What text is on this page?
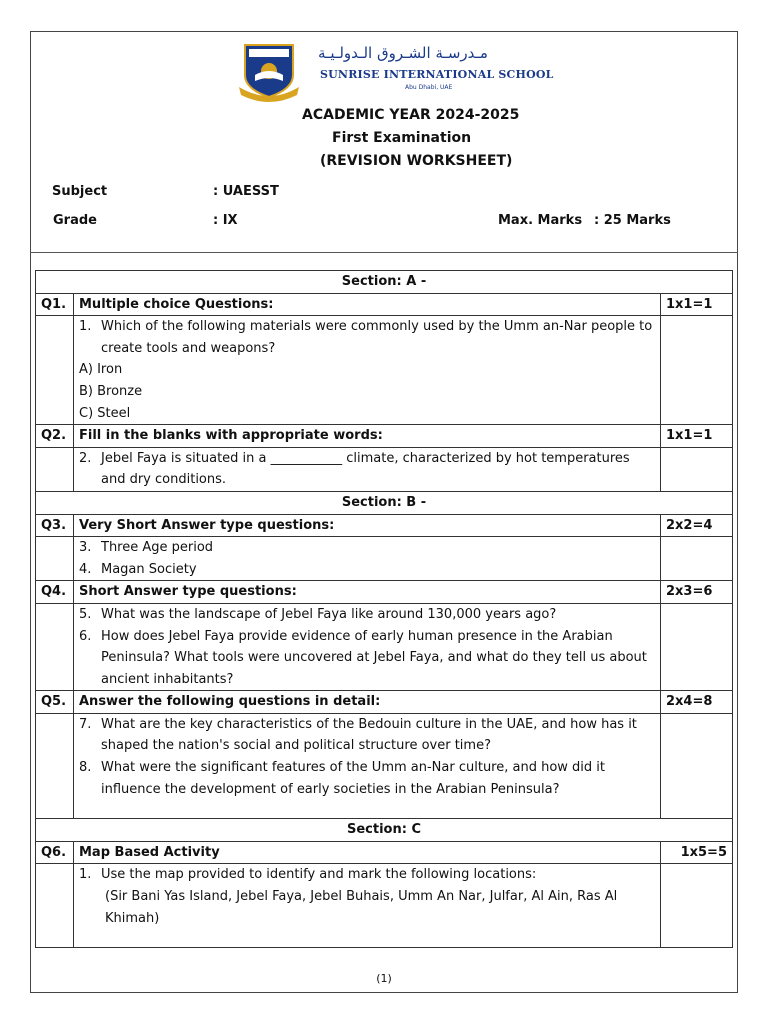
مـدرسـة الشـروق الـدولـيـة
SUNRISE INTERNATIONAL SCHOOL
Abu Dhabi, UAE
ACADEMIC YEAR 2024-2025
First Examination
(REVISION WORKSHEET)
Subject	: UAESST
Grade	: IX	Max. Marks : 25 Marks
Section: A -		
Q1.	Multiple choice Questions:	1x1=1

	1. Which of the following materials were commonly used by the Umm an-Nar people to create tools and weapons?
A) Iron
B) Bronze
C) Steel	

Q2.	Fill in the blanks with appropriate words:	1x1=1

	2. Jebel Faya is situated in a ___________ climate, characterized by hot temperatures and dry conditions.	

Section: B -		
Q3.	Very Short Answer type questions:	2x2=4

	3. Three Age period
4. Magan Society	

Q4.	Short Answer type questions:	2x3=6

	5. What was the landscape of Jebel Faya like around 130,000 years ago?
6. How does Jebel Faya provide evidence of early human presence in the Arabian Peninsula? What tools were uncovered at Jebel Faya, and what do they tell us about ancient inhabitants?	

Q5.	Answer the following questions in detail:	2x4=8

	7. What are the key characteristics of the Bedouin culture in the UAE, and how has it shaped the nation's social and political structure over time?
8. What were the significant features of the Umm an-Nar culture, and how did it influence the development of early societies in the Arabian Peninsula?	

Section: C		
Q6.	Map Based Activity	1x5=5

	1. Use the map provided to identify and mark the following locations:
(Sir Bani Yas Island, Jebel Faya, Jebel Buhais, Umm An Nar, Julfar, Al Ain, Ras Al Khimah)	

(1)
